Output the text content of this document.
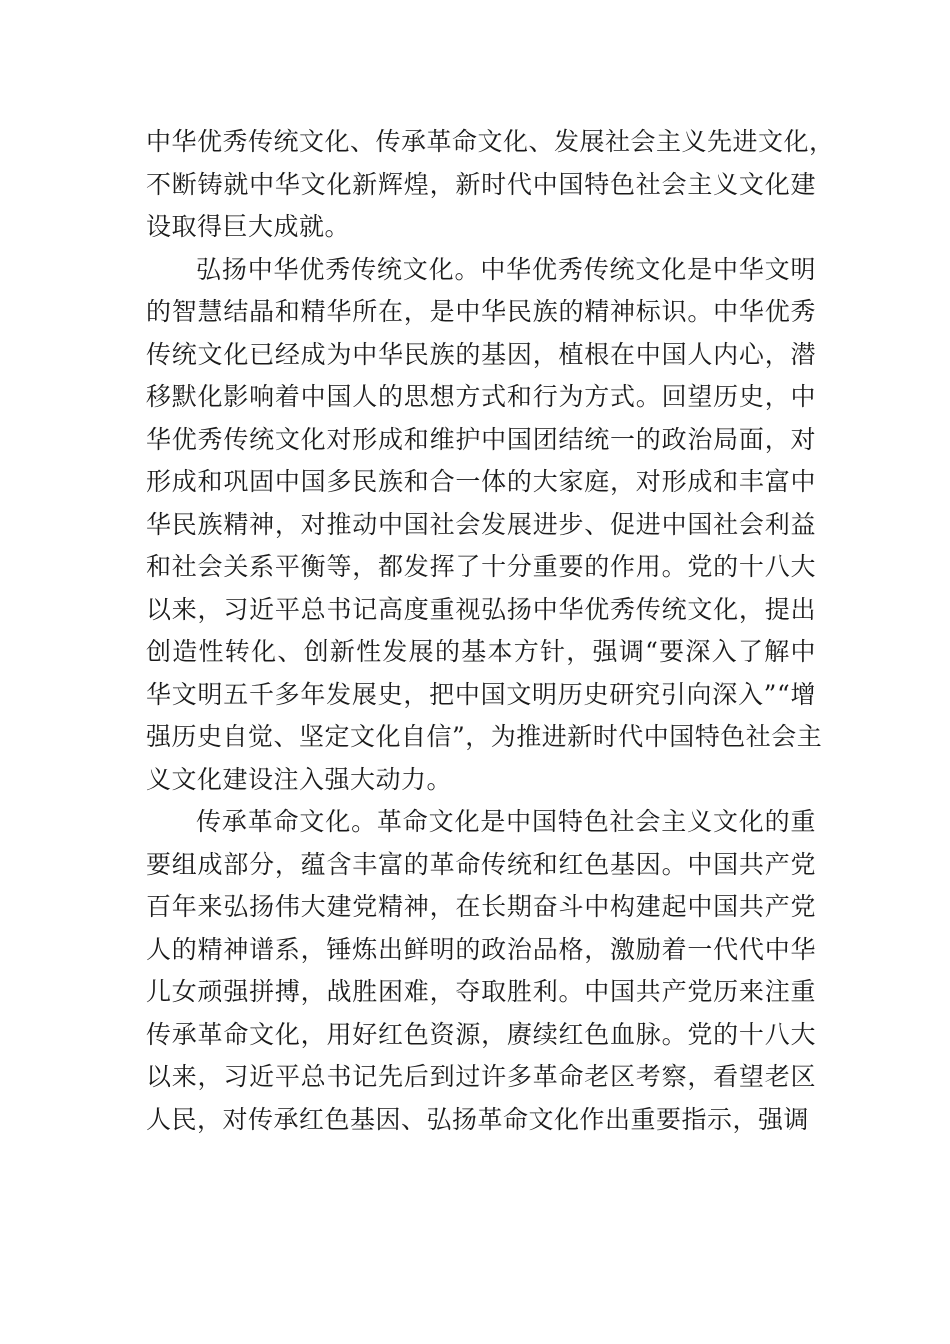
中华优秀传统文化、传承革命文化、发展社会主义先进文化，
不断铸就中华文化新辉煌，新时代中国特色社会主义文化建
设取得巨大成就。
弘扬中华优秀传统文化。中华优秀传统文化是中华文明
的智慧结晶和精华所在，是中华民族的精神标识。中华优秀
传统文化已经成为中华民族的基因，植根在中国人内心，潜
移默化影响着中国人的思想方式和行为方式。回望历史，中
华优秀传统文化对形成和维护中国团结统一的政治局面，对
形成和巩固中国多民族和合一体的大家庭，对形成和丰富中
华民族精神，对推动中国社会发展进步、促进中国社会利益
和社会关系平衡等，都发挥了十分重要的作用。党的十八大
以来，习近平总书记高度重视弘扬中华优秀传统文化，提出
创造性转化、创新性发展的基本方针，强调“要深入了解中
华文明五千多年发展史，把中国文明历史研究引向深入”“增
强历史自觉、坚定文化自信”，为推进新时代中国特色社会主
义文化建设注入强大动力。
传承革命文化。革命文化是中国特色社会主义文化的重
要组成部分，蕴含丰富的革命传统和红色基因。中国共产党
百年来弘扬伟大建党精神，在长期奋斗中构建起中国共产党
人的精神谱系，锤炼出鲜明的政治品格，激励着一代代中华
儿女顽强拼搏，战胜困难，夺取胜利。中国共产党历来注重
传承革命文化，用好红色资源，赓续红色血脉。党的十八大
以来，习近平总书记先后到过许多革命老区考察，看望老区
人民，对传承红色基因、弘扬革命文化作出重要指示，强调
